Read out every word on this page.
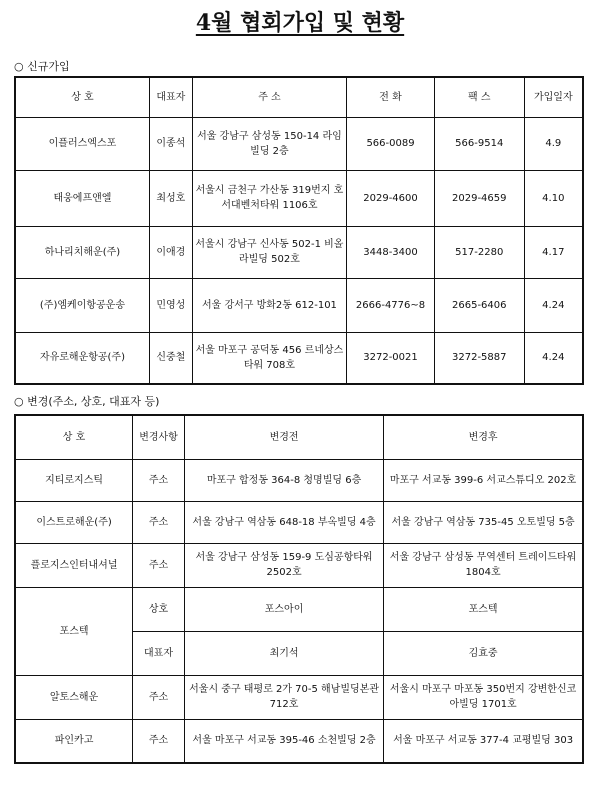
4월 협회가입 및 현황
○ 신규가입
상 호	대표자	주 소	전 화	팩 스	가입일자
이플러스엑스포	이종석	서울 강남구 삼성동 150-14 라임빌딩 2층	566-0089	566-9514	4.9
태웅에프앤엘	최성호	서울시 금천구 가산동 319번지 호서대벤처타워 1106호	2029-4600	2029-4659	4.10
하나리치해운(주)	이애경	서울시 강남구 신사동 502-1 비올라빌딩 502호	3448-3400	517-2280	4.17
(주)엠케이항공운송	민영성	서울 강서구 방화2동 612-101	2666-4776~8	2665-6406	4.24
자유로해운항공(주)	신중철	서울 마포구 공덕동 456 르네상스타워 708호	3272-0021	3272-5887	4.24
○ 변경(주소, 상호, 대표자 등)
상 호	변경사항	변경전	변경후
지티로지스틱	주소	마포구 합정동 364-8 청명빌딩 6층	마포구 서교동 399-6 서교스튜디오 202호
이스트로해운(주)	주소	서울 강남구 역삼동 648-18 부옥빌딩 4층	서울 강남구 역삼동 735-45 오토빌딩 5층
플로지스인터내셔널	주소	서울 강남구 삼성동 159-9 도심공항타워 2502호	서울 강남구 삼성동 무역센터 트레이드타워 1804호
포스텍	상호	포스아이	포스텍
	대표자	최기석	김효중
알토스해운	주소	서울시 중구 태평로 2가 70-5 해남빌딩본관 712호	서울시 마포구 마포동 350번지 강변한신코아빌딩 1701호
파인카고	주소	서울 마포구 서교동 395-46 소천빌딩 2층	서울 마포구 서교동 377-4 교평빌딩 303
